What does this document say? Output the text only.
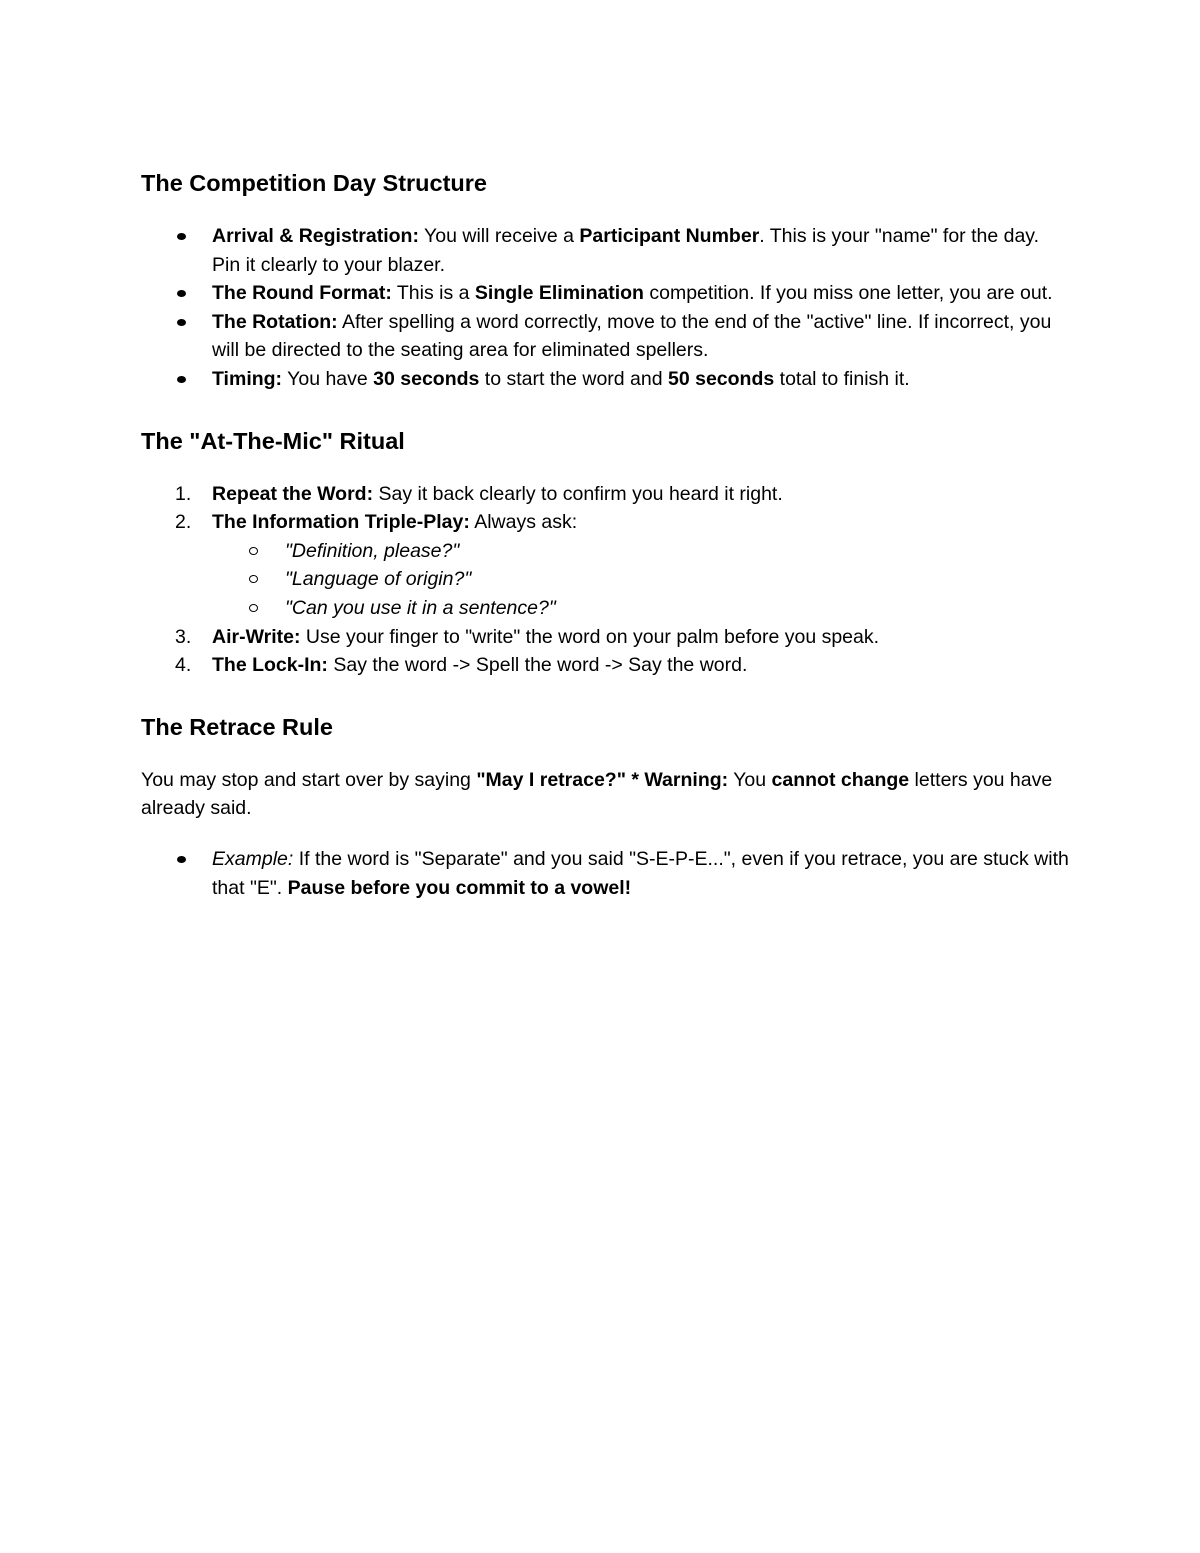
The Competition Day Structure
Arrival & Registration: You will receive a Participant Number. This is your "name" for the day. Pin it clearly to your blazer.
The Round Format: This is a Single Elimination competition. If you miss one letter, you are out.
The Rotation: After spelling a word correctly, move to the end of the "active" line. If incorrect, you will be directed to the seating area for eliminated spellers.
Timing: You have 30 seconds to start the word and 50 seconds total to finish it.
The "At-The-Mic" Ritual
1. Repeat the Word: Say it back clearly to confirm you heard it right.
2. The Information Triple-Play: Always ask:
"Definition, please?"
"Language of origin?"
"Can you use it in a sentence?"
3. Air-Write: Use your finger to "write" the word on your palm before you speak.
4. The Lock-In: Say the word -> Spell the word -> Say the word.
The Retrace Rule

You may stop and start over by saying "May I retrace?" * Warning: You cannot change letters you have already said.

Example: If the word is "Separate" and you said "S-E-P-E...", even if you retrace, you are stuck with that "E". Pause before you commit to a vowel!
